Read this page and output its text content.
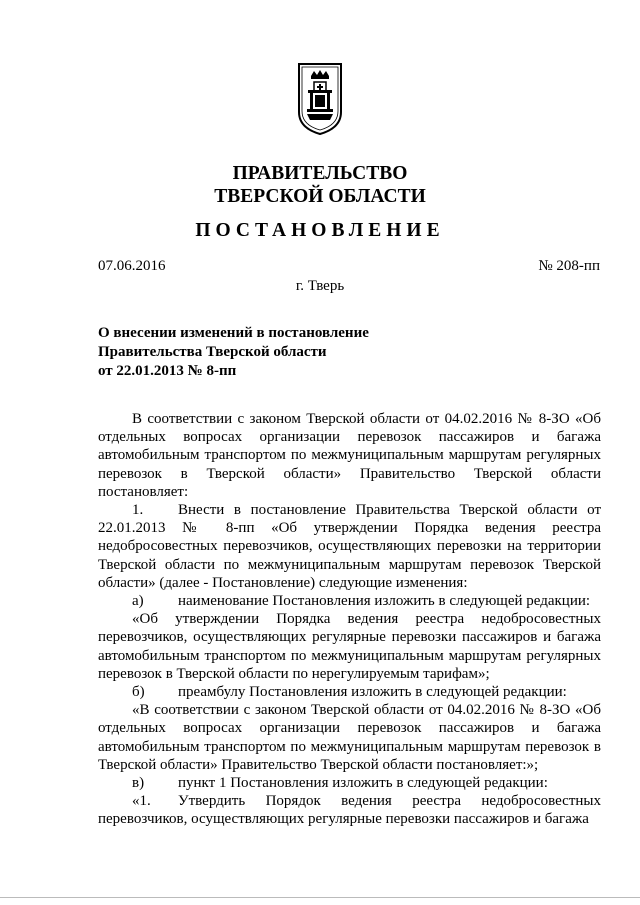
ПРАВИТЕЛЬСТВО
ТВЕРСКОЙ ОБЛАСТИ
ПОСТАНОВЛЕНИЕ
07.06.2016	№ 208-пп
г. Тверь
О внесении изменений в постановление
Правительства Тверской области
от 22.01.2013 № 8-пп

В соответствии с законом Тверской области от 04.02.2016 № 8-ЗО «Об отдельных вопросах организации перевозок пассажиров и багажа автомобильным транспортом по межмуниципальным маршрутам регулярных перевозок в Тверской области» Правительство Тверской области постановляет:

1. Внести в постановление Правительства Тверской области от 22.01.2013 № 8-пп «Об утверждении Порядка ведения реестра недобросовестных перевозчиков, осуществляющих перевозки на территории Тверской области по межмуниципальным маршрутам перевозок Тверской области» (далее - Постановление) следующие изменения:

а) наименование Постановления изложить в следующей редакции:

«Об утверждении Порядка ведения реестра недобросовестных перевозчиков, осуществляющих регулярные перевозки пассажиров и багажа автомобильным транспортом по межмуниципальным маршрутам регулярных перевозок в Тверской области по нерегулируемым тарифам»;

б) преамбулу Постановления изложить в следующей редакции:

«В соответствии с законом Тверской области от 04.02.2016 № 8-ЗО «Об отдельных вопросах организации перевозок пассажиров и багажа автомобильным транспортом по межмуниципальным маршрутам перевозок в Тверской области» Правительство Тверской области постановляет:»;

в) пункт 1 Постановления изложить в следующей редакции:

«1. Утвердить Порядок ведения реестра недобросовестных перевозчиков, осуществляющих регулярные перевозки пассажиров и багажа
